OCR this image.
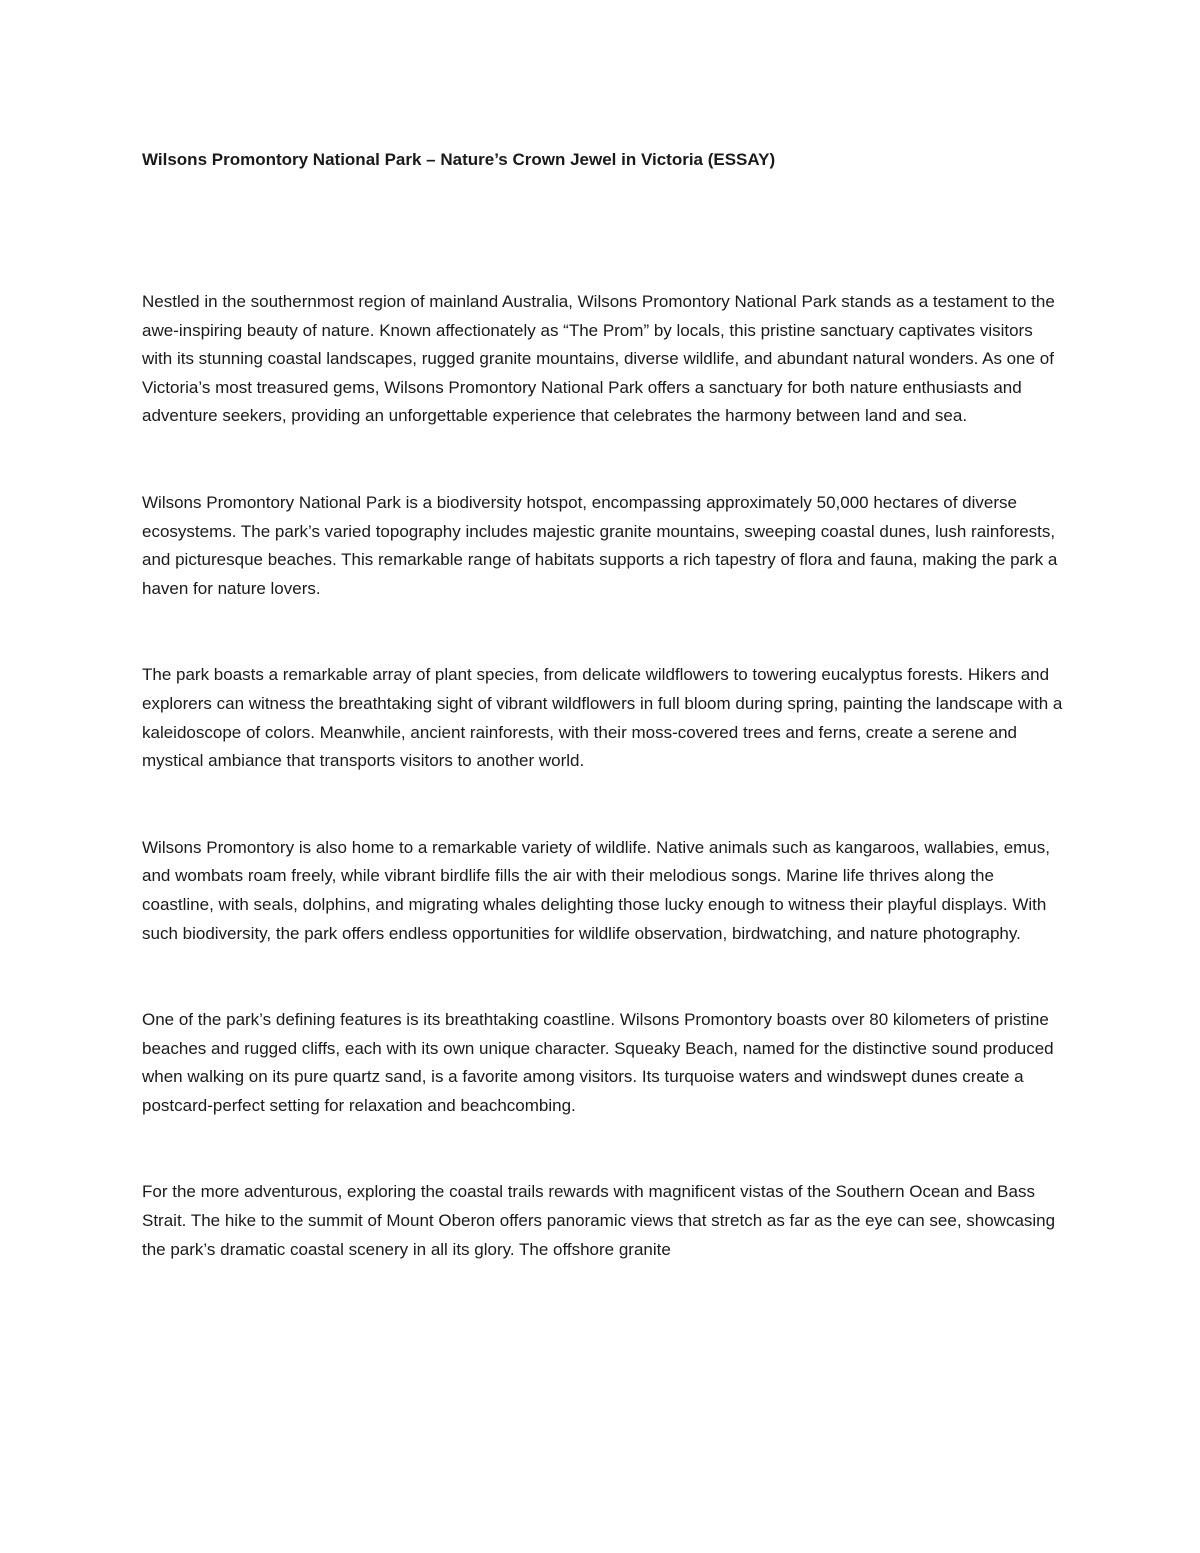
Wilsons Promontory National Park – Nature’s Crown Jewel in Victoria (ESSAY)

Nestled in the southernmost region of mainland Australia, Wilsons Promontory National Park stands as a testament to the awe-inspiring beauty of nature. Known affectionately as “The Prom” by locals, this pristine sanctuary captivates visitors with its stunning coastal landscapes, rugged granite mountains, diverse wildlife, and abundant natural wonders. As one of Victoria’s most treasured gems, Wilsons Promontory National Park offers a sanctuary for both nature enthusiasts and adventure seekers, providing an unforgettable experience that celebrates the harmony between land and sea.

Wilsons Promontory National Park is a biodiversity hotspot, encompassing approximately 50,000 hectares of diverse ecosystems. The park’s varied topography includes majestic granite mountains, sweeping coastal dunes, lush rainforests, and picturesque beaches. This remarkable range of habitats supports a rich tapestry of flora and fauna, making the park a haven for nature lovers.

The park boasts a remarkable array of plant species, from delicate wildflowers to towering eucalyptus forests. Hikers and explorers can witness the breathtaking sight of vibrant wildflowers in full bloom during spring, painting the landscape with a kaleidoscope of colors. Meanwhile, ancient rainforests, with their moss-covered trees and ferns, create a serene and mystical ambiance that transports visitors to another world.

Wilsons Promontory is also home to a remarkable variety of wildlife. Native animals such as kangaroos, wallabies, emus, and wombats roam freely, while vibrant birdlife fills the air with their melodious songs. Marine life thrives along the coastline, with seals, dolphins, and migrating whales delighting those lucky enough to witness their playful displays. With such biodiversity, the park offers endless opportunities for wildlife observation, birdwatching, and nature photography.

One of the park’s defining features is its breathtaking coastline. Wilsons Promontory boasts over 80 kilometers of pristine beaches and rugged cliffs, each with its own unique character. Squeaky Beach, named for the distinctive sound produced when walking on its pure quartz sand, is a favorite among visitors. Its turquoise waters and windswept dunes create a postcard-perfect setting for relaxation and beachcombing.

For the more adventurous, exploring the coastal trails rewards with magnificent vistas of the Southern Ocean and Bass Strait. The hike to the summit of Mount Oberon offers panoramic views that stretch as far as the eye can see, showcasing the park’s dramatic coastal scenery in all its glory. The offshore granite
